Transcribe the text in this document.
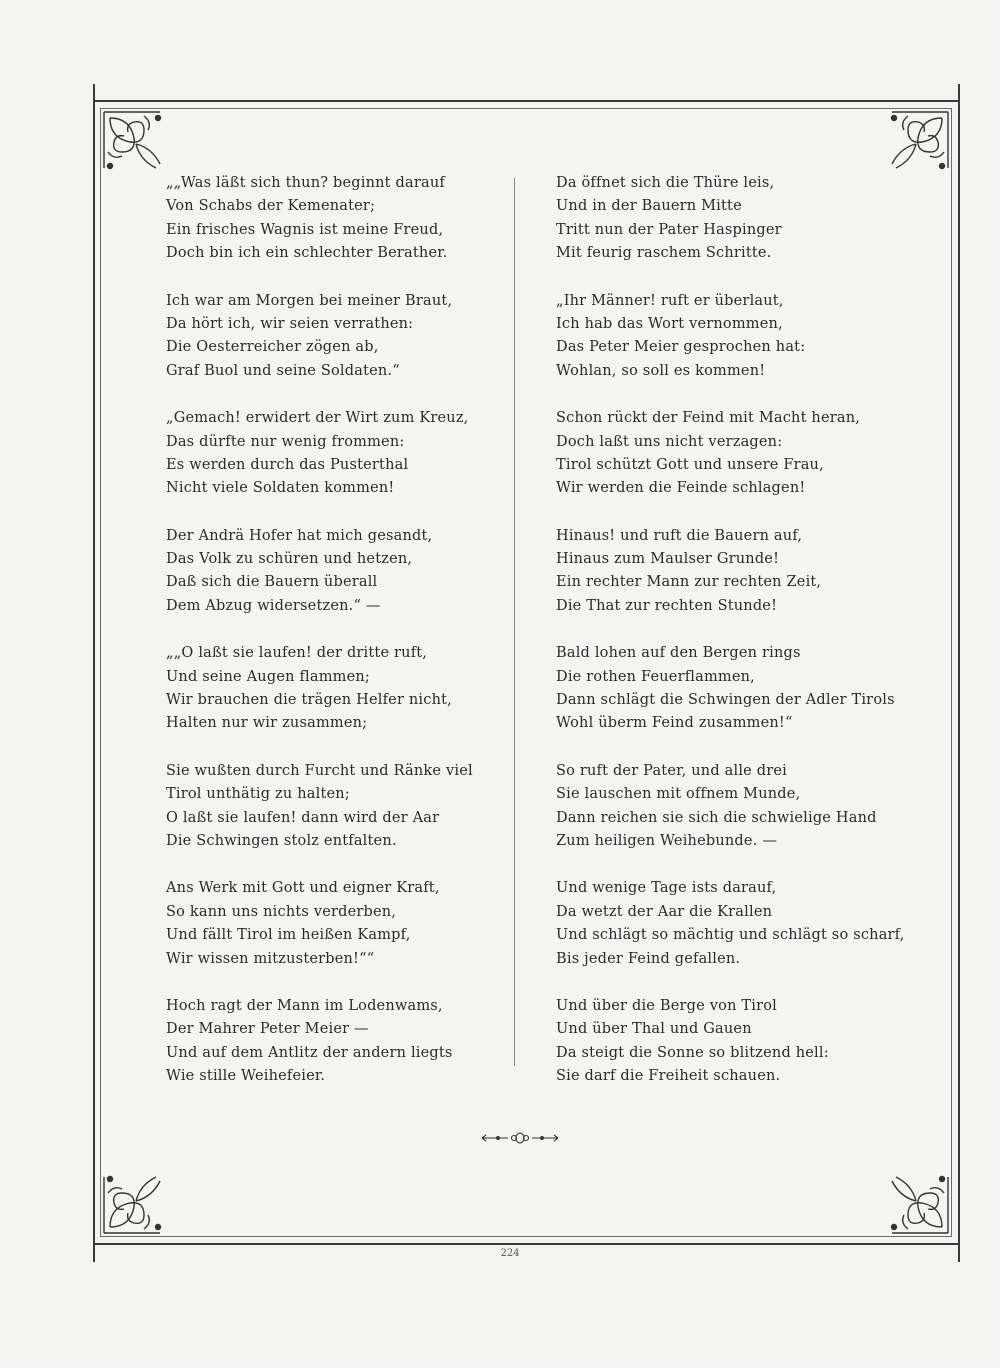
„„Was läßt sich thun? beginnt darauf
Von Schabs der Kemenater;
Ein frisches Wagnis ist meine Freud,
Doch bin ich ein schlechter Berather.
Ich war am Morgen bei meiner Braut,
Da hört ich, wir seien verrathen:
Die Oesterreicher zögen ab,
Graf Buol und seine Soldaten.“
„Gemach! erwidert der Wirt zum Kreuz,
Das dürfte nur wenig frommen:
Es werden durch das Pusterthal
Nicht viele Soldaten kommen!
Der Andrä Hofer hat mich gesandt,
Das Volk zu schüren und hetzen,
Daß sich die Bauern überall
Dem Abzug widersetzen.“ —
„„O laßt sie laufen! der dritte ruft,
Und seine Augen flammen;
Wir brauchen die trägen Helfer nicht,
Halten nur wir zusammen;
Sie wußten durch Furcht und Ränke viel
Tirol unthätig zu halten;
O laßt sie laufen! dann wird der Aar
Die Schwingen stolz entfalten.
Ans Werk mit Gott und eigner Kraft,
So kann uns nichts verderben,
Und fällt Tirol im heißen Kampf,
Wir wissen mitzusterben!““
Hoch ragt der Mann im Lodenwams,
Der Mahrer Peter Meier —
Und auf dem Antlitz der andern liegts
Wie stille Weihefeier.
Da öffnet sich die Thüre leis,
Und in der Bauern Mitte
Tritt nun der Pater Haspinger
Mit feurig raschem Schritte.
„Ihr Männer! ruft er überlaut,
Ich hab das Wort vernommen,
Das Peter Meier gesprochen hat:
Wohlan, so soll es kommen!
Schon rückt der Feind mit Macht heran,
Doch laßt uns nicht verzagen:
Tirol schützt Gott und unsere Frau,
Wir werden die Feinde schlagen!
Hinaus! und ruft die Bauern auf,
Hinaus zum Maulser Grunde!
Ein rechter Mann zur rechten Zeit,
Die That zur rechten Stunde!
Bald lohen auf den Bergen rings
Die rothen Feuerflammen,
Dann schlägt die Schwingen der Adler Tirols
Wohl überm Feind zusammen!“
So ruft der Pater, und alle drei
Sie lauschen mit offnem Munde,
Dann reichen sie sich die schwielige Hand
Zum heiligen Weihebunde. —
Und wenige Tage ists darauf,
Da wetzt der Aar die Krallen
Und schlägt so mächtig und schlägt so scharf,
Bis jeder Feind gefallen.
Und über die Berge von Tirol
Und über Thal und Gauen
Da steigt die Sonne so blitzend hell:
Sie darf die Freiheit schauen.
224
